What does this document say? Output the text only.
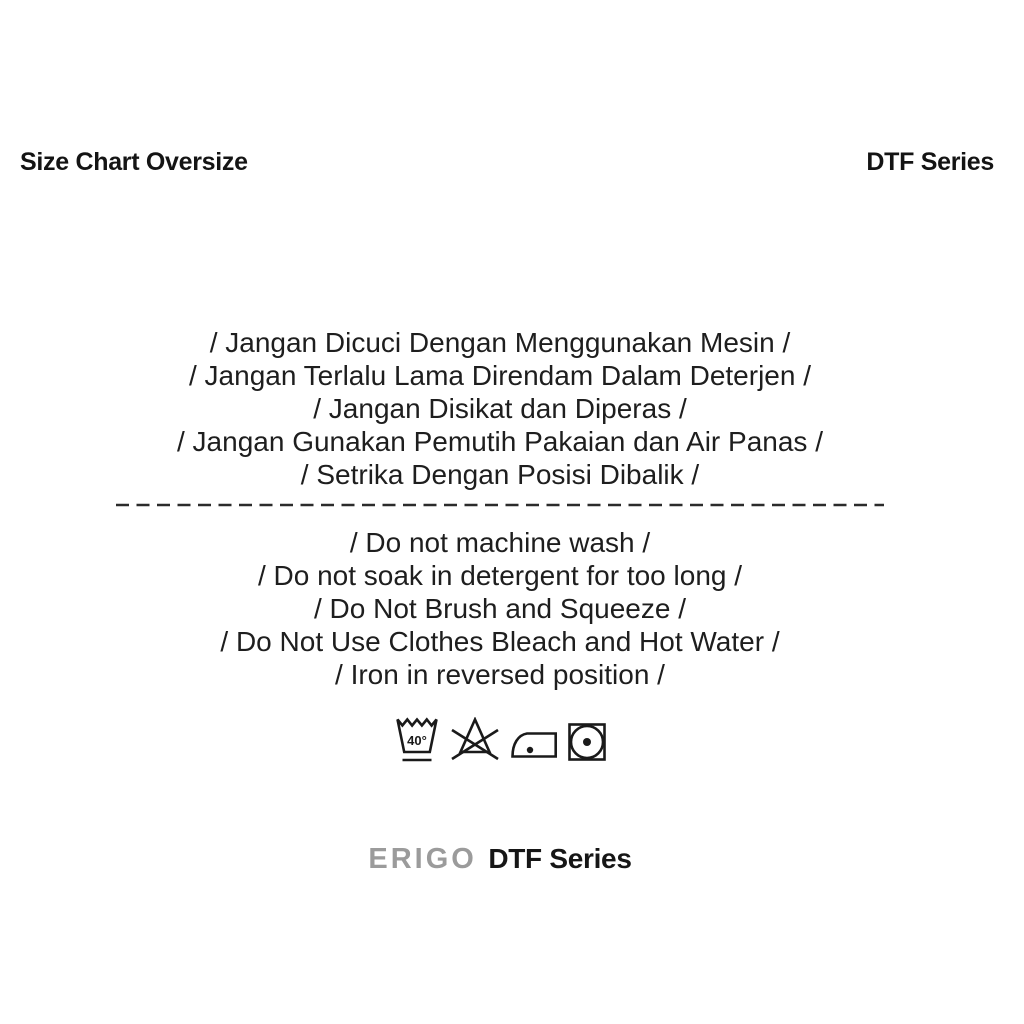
Size Chart Oversize	DTF Series
/ Jangan Dicuci Dengan Menggunakan Mesin /
/ Jangan Terlalu Lama Direndam Dalam Deterjen /
/ Jangan Disikat dan Diperas /
/ Jangan Gunakan Pemutih Pakaian dan Air Panas /
/ Setrika Dengan Posisi Dibalik /
/ Do not machine wash /
/ Do not soak in detergent for too long /
/ Do Not Brush and Squeeze /
/ Do Not Use Clothes Bleach and Hot Water /
/ Iron in reversed position /
40°
ERIGO DTF Series
